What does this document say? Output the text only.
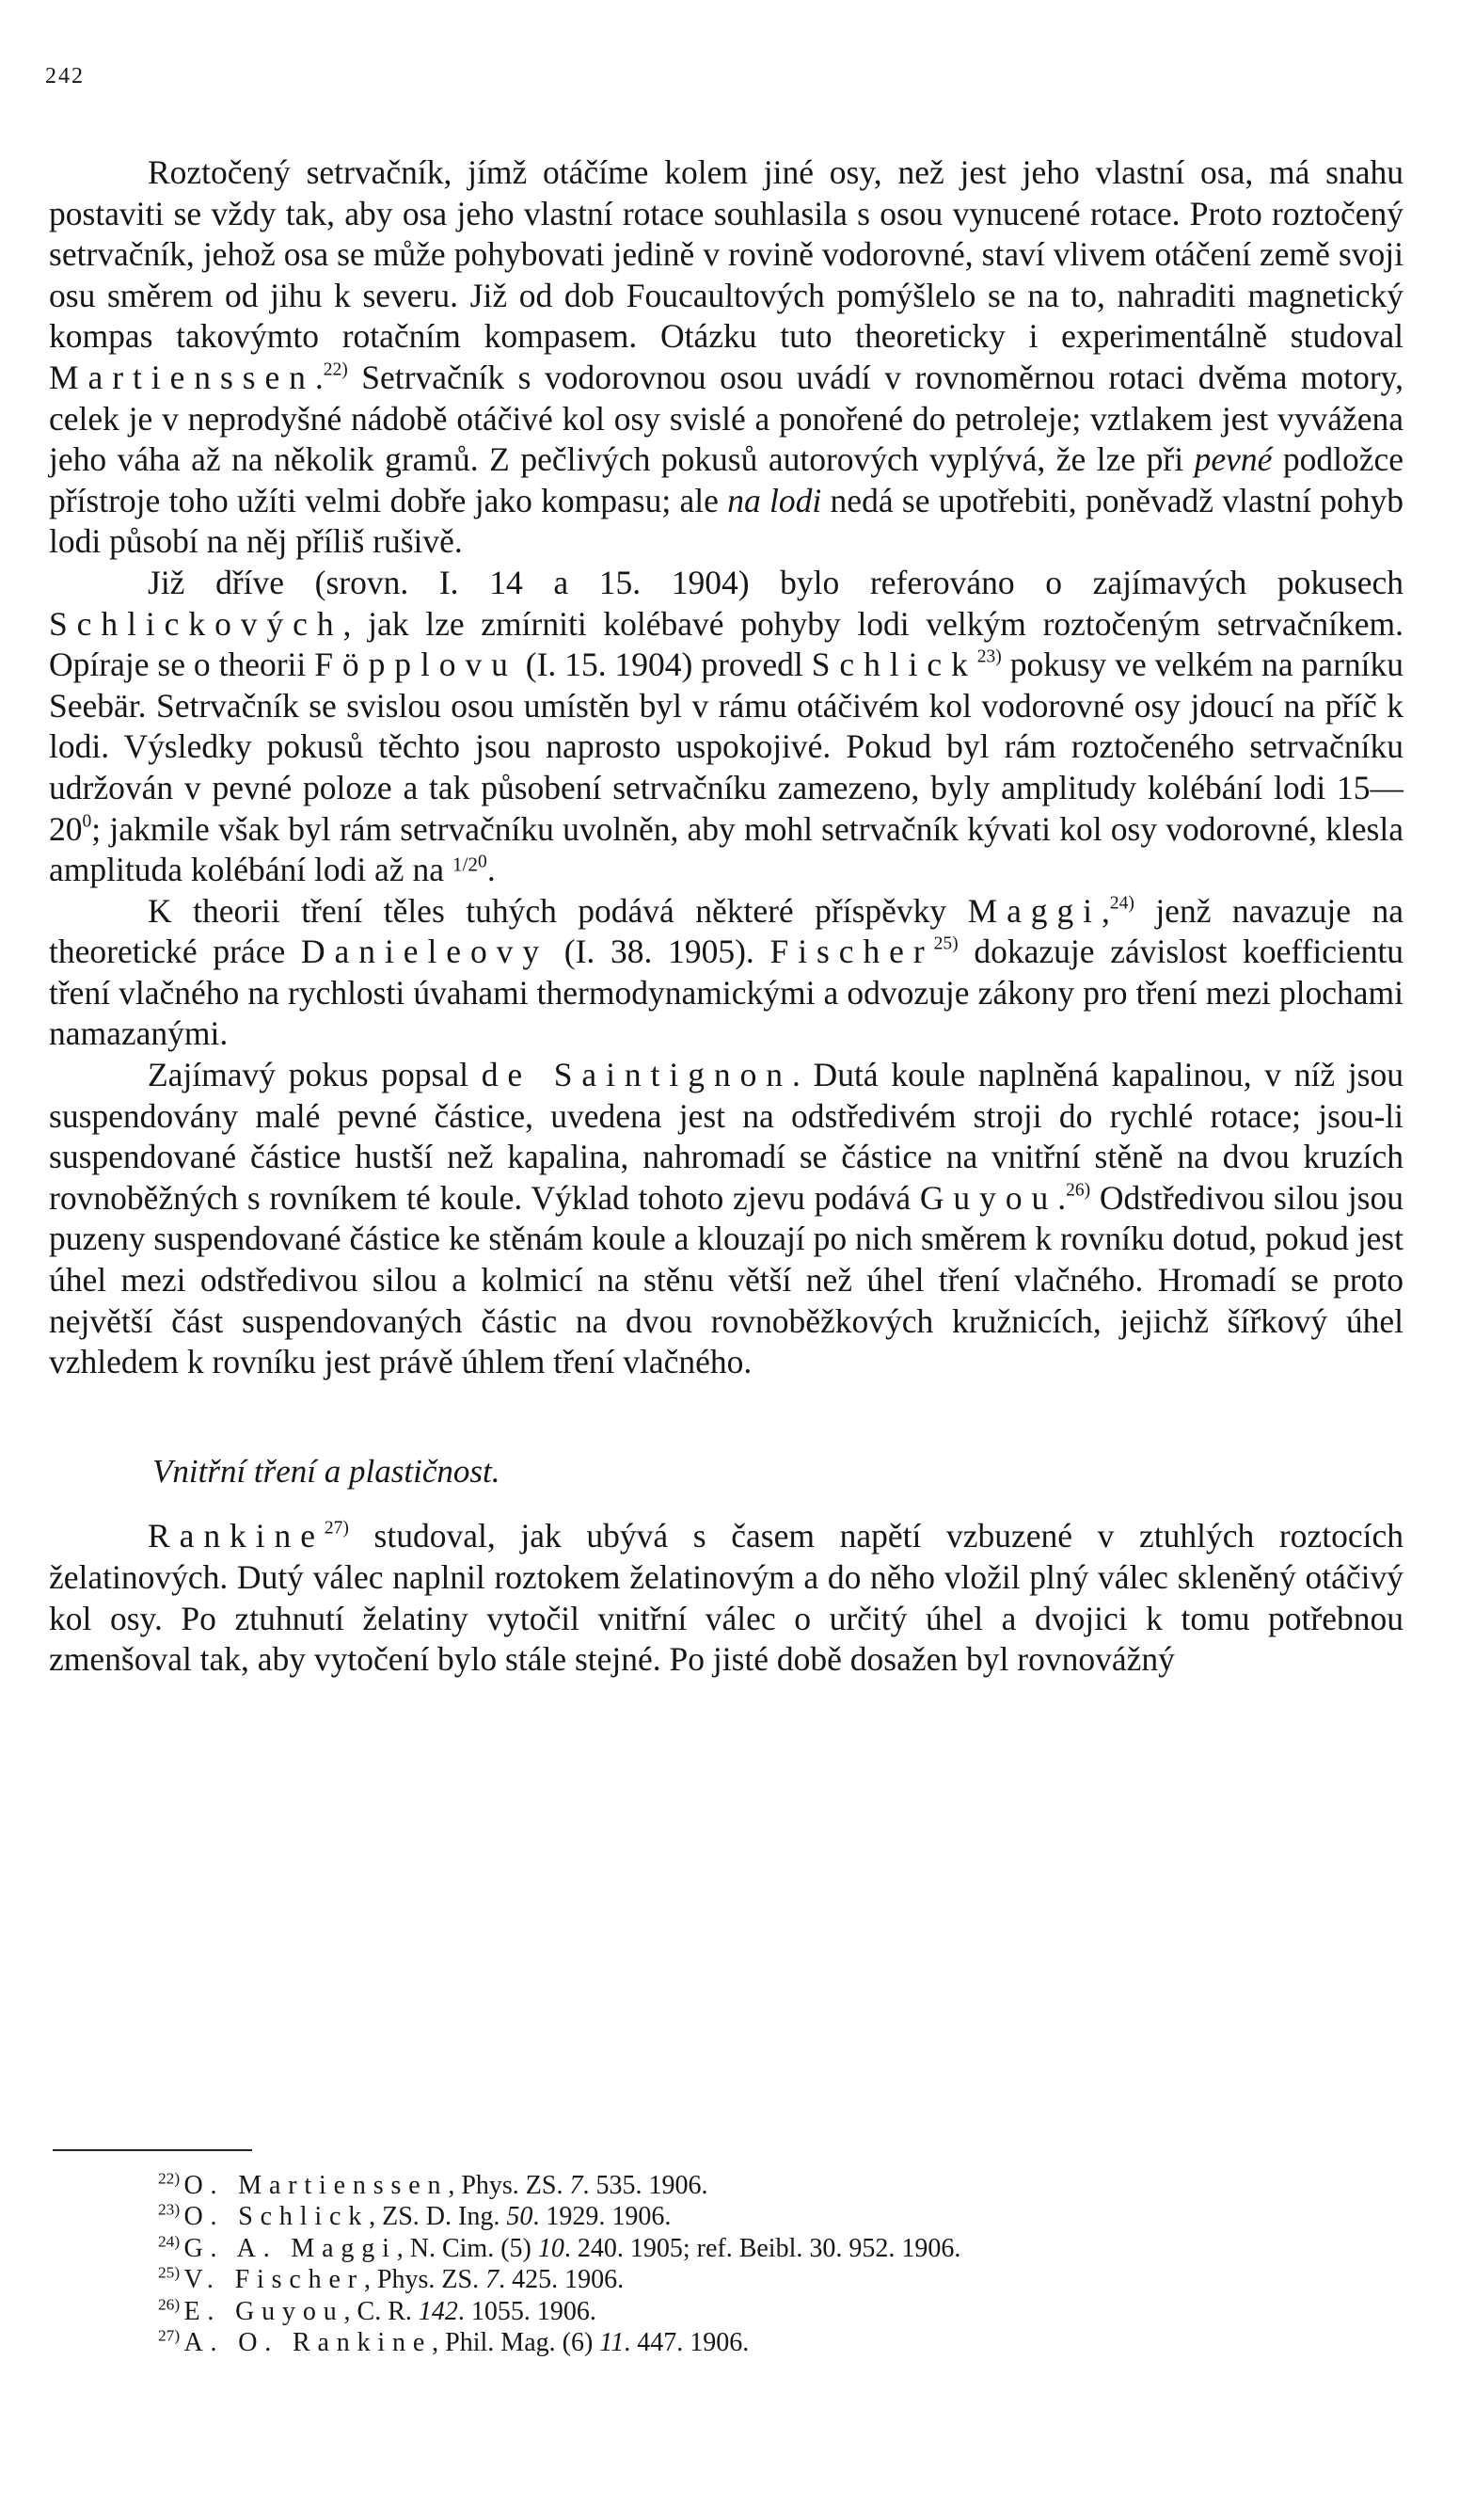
242

Roztočený setrvačník, jímž otáčíme kolem jiné osy, než jest jeho vlastní osa, má snahu postaviti se vždy tak, aby osa jeho vlastní rotace souhlasila s osou vynucené rotace. Proto roztočený setrvačník, jehož osa se může pohybovati jedině v rovině vodorovné, staví vlivem otáčení země svoji osu směrem od jihu k severu. Již od dob Foucaultových pomýšlelo se na to, nahraditi magnetický kompas takovýmto rotačním kompasem. Otázku tuto theoreticky i experimentálně studoval Martienssen.$^{22)}$ Setrvačník s vodorovnou osou uvádí v rovnoměrnou rotaci dvěma motory, celek je v neprodyšné nádobě otáčivé kol osy svislé a ponořené do petroleje; vztlakem jest vyvážena jeho váha až na několik gramů. Z pečlivých pokusů autorových vyplývá, že lze při pevné podložce přístroje toho užíti velmi dobře jako kompasu; ale na lodi nedá se upotřebiti, poněvadž vlastní pohyb lodi působí na něj příliš rušivě.

Již dříve (srovn. I. 14 a 15. 1904) bylo referováno o zajímavých pokusech Schlickových, jak lze zmírniti kolébavé pohyby lodi velkým roztočeným setrvačníkem. Opíraje se o theorii Föpplovu (I. 15. 1904) provedl Schlick$^{23)}$ pokusy ve velkém na parníku Seebär. Setrvačník se svislou osou umístěn byl v rámu otáčivém kol vodorovné osy jdoucí na příč k lodi. Výsledky pokusů těchto jsou naprosto uspokojivé. Pokud byl rám roztočeného setrvačníku udržován v pevné poloze a tak působení setrvačníku zamezeno, byly amplitudy kolébání lodi $15—20^0$; jakmile však byl rám setrvačníku uvolněn, aby mohl setrvačník kývati kol osy vodorovné, klesla amplituda kolébání lodi až na $^{1/20}$.

K theorii tření těles tuhých podává některé příspěvky Maggi,$^{24)}$ jenž navazuje na theoretické práce Danieleovy (I. 38. 1905). Fischer$^{25)}$ dokazuje závislost koefficientu tření vlačného na rychlosti úvahami thermodynamickými a odvozuje zákony pro tření mezi plochami namazanými.

Zajímavý pokus popsal de Saintignon. Dutá koule naplněná kapalinou, v níž jsou suspendovány malé pevné částice, uvedena jest na odstředivém stroji do rychlé rotace; jsou-li suspendované částice hustší než kapalina, nahromadí se částice na vnitřní stěně na dvou kruzích rovnoběžných s rovníkem té koule. Výklad tohoto zjevu podává Guyou.$^{26)}$ Odstředivou silou jsou puzeny suspendované částice ke stěnám koule a klouzají po nich směrem k rovníku dotud, pokud jest úhel mezi odstředivou silou a kolmicí na stěnu větší než úhel tření vlačného. Hromadí se proto největší část suspendovaných částic na dvou rovnoběžkových kružnicích, jejichž šířkový úhel vzhledem k rovníku jest právě úhlem tření vlačného.

Vnitřní tření a plastičnost.

Rankine$^{27)}$ studoval, jak ubývá s časem napětí vzbuzené v ztuhlých roztocích želatinových. Dutý válec naplnil roztokem želatinovým a do něho vložil plný válec skleněný otáčivý kol osy. Po ztuhnutí želatiny vytočil vnitřní válec o určitý úhel a dvojici k tomu potřebnou zmenšoval tak, aby vytočení bylo stále stejné. Po jisté době dosažen byl rovnovážný

$^{22)}$ O. Martienssen, Phys. ZS. 7. 535. 1906.
$^{23)}$ O. Schlick, ZS. D. Ing. 50. 1929. 1906.
$^{24)}$ G. A. Maggi, N. Cim. (5) 10. 240. 1905; ref. Beibl. 30. 952. 1906.
$^{25)}$ V. Fischer, Phys. ZS. 7. 425. 1906.
$^{26)}$ E. Guyou, C. R. 142. 1055. 1906.
$^{27)}$ A. O. Rankine, Phil. Mag. (6) 11. 447. 1906.
